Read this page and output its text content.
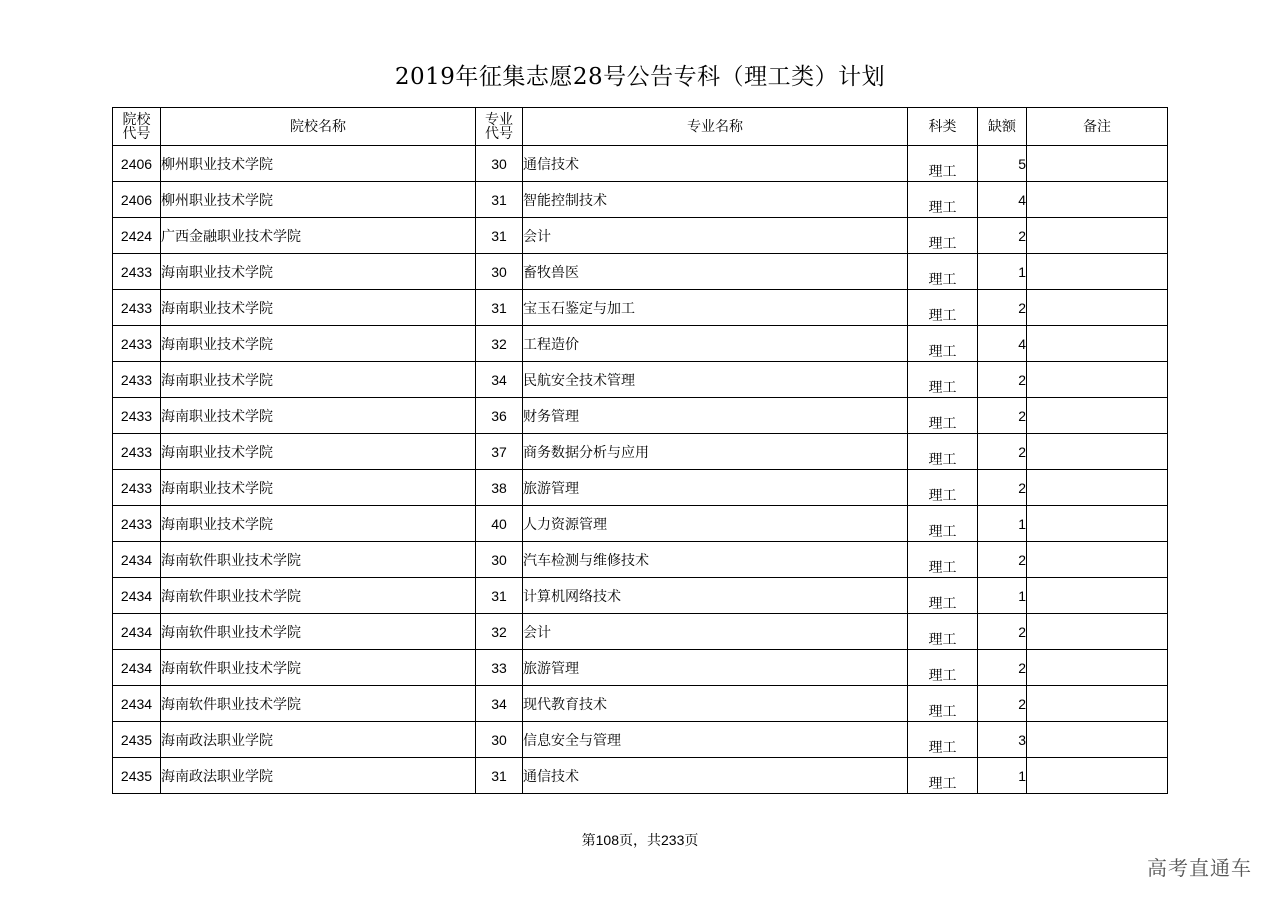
2019年征集志愿28号公告专科（理工类）计划
院校代号	院校名称	专业代号	专业名称	科类	缺额	备注
2406	柳州职业技术学院	30	通信技术	理工	5	
2406	柳州职业技术学院	31	智能控制技术	理工	4	
2424	广西金融职业技术学院	31	会计	理工	2	
2433	海南职业技术学院	30	畜牧兽医	理工	1	
2433	海南职业技术学院	31	宝玉石鉴定与加工	理工	2	
2433	海南职业技术学院	32	工程造价	理工	4	
2433	海南职业技术学院	34	民航安全技术管理	理工	2	
2433	海南职业技术学院	36	财务管理	理工	2	
2433	海南职业技术学院	37	商务数据分析与应用	理工	2	
2433	海南职业技术学院	38	旅游管理	理工	2	
2433	海南职业技术学院	40	人力资源管理	理工	1	
2434	海南软件职业技术学院	30	汽车检测与维修技术	理工	2	
2434	海南软件职业技术学院	31	计算机网络技术	理工	1	
2434	海南软件职业技术学院	32	会计	理工	2	
2434	海南软件职业技术学院	33	旅游管理	理工	2	
2434	海南软件职业技术学院	34	现代教育技术	理工	2	
2435	海南政法职业学院	30	信息安全与管理	理工	3	
2435	海南政法职业学院	31	通信技术	理工	1	
第108页，共233页
高考直通车
